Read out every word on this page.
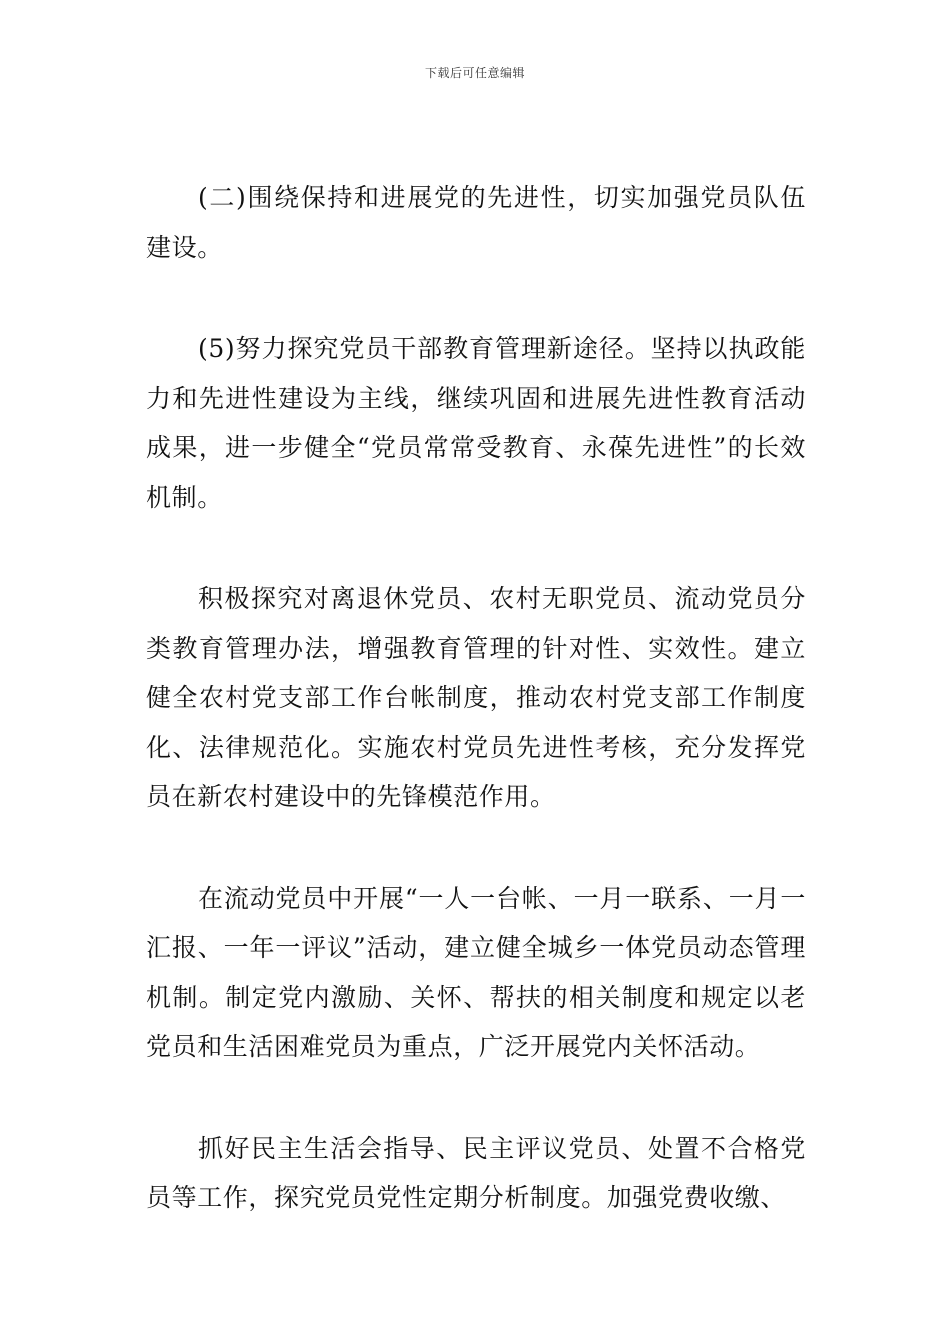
下载后可任意编辑

(二)围绕保持和进展党的先进性，切实加强党员队伍建设。

(5)努力探究党员干部教育管理新途径。坚持以执政能力和先进性建设为主线，继续巩固和进展先进性教育活动成果，进一步健全“党员常常受教育、永葆先进性”的长效机制。

积极探究对离退休党员、农村无职党员、流动党员分类教育管理办法，增强教育管理的针对性、实效性。建立健全农村党支部工作台帐制度，推动农村党支部工作制度化、法律规范化。实施农村党员先进性考核，充分发挥党员在新农村建设中的先锋模范作用。

在流动党员中开展“一人一台帐、一月一联系、一月一汇报、一年一评议”活动，建立健全城乡一体党员动态管理机制。制定党内激励、关怀、帮扶的相关制度和规定以老党员和生活困难党员为重点，广泛开展党内关怀活动。

抓好民主生活会指导、民主评议党员、处置不合格党员等工作，探究党员党性定期分析制度。加强党费收缴、
